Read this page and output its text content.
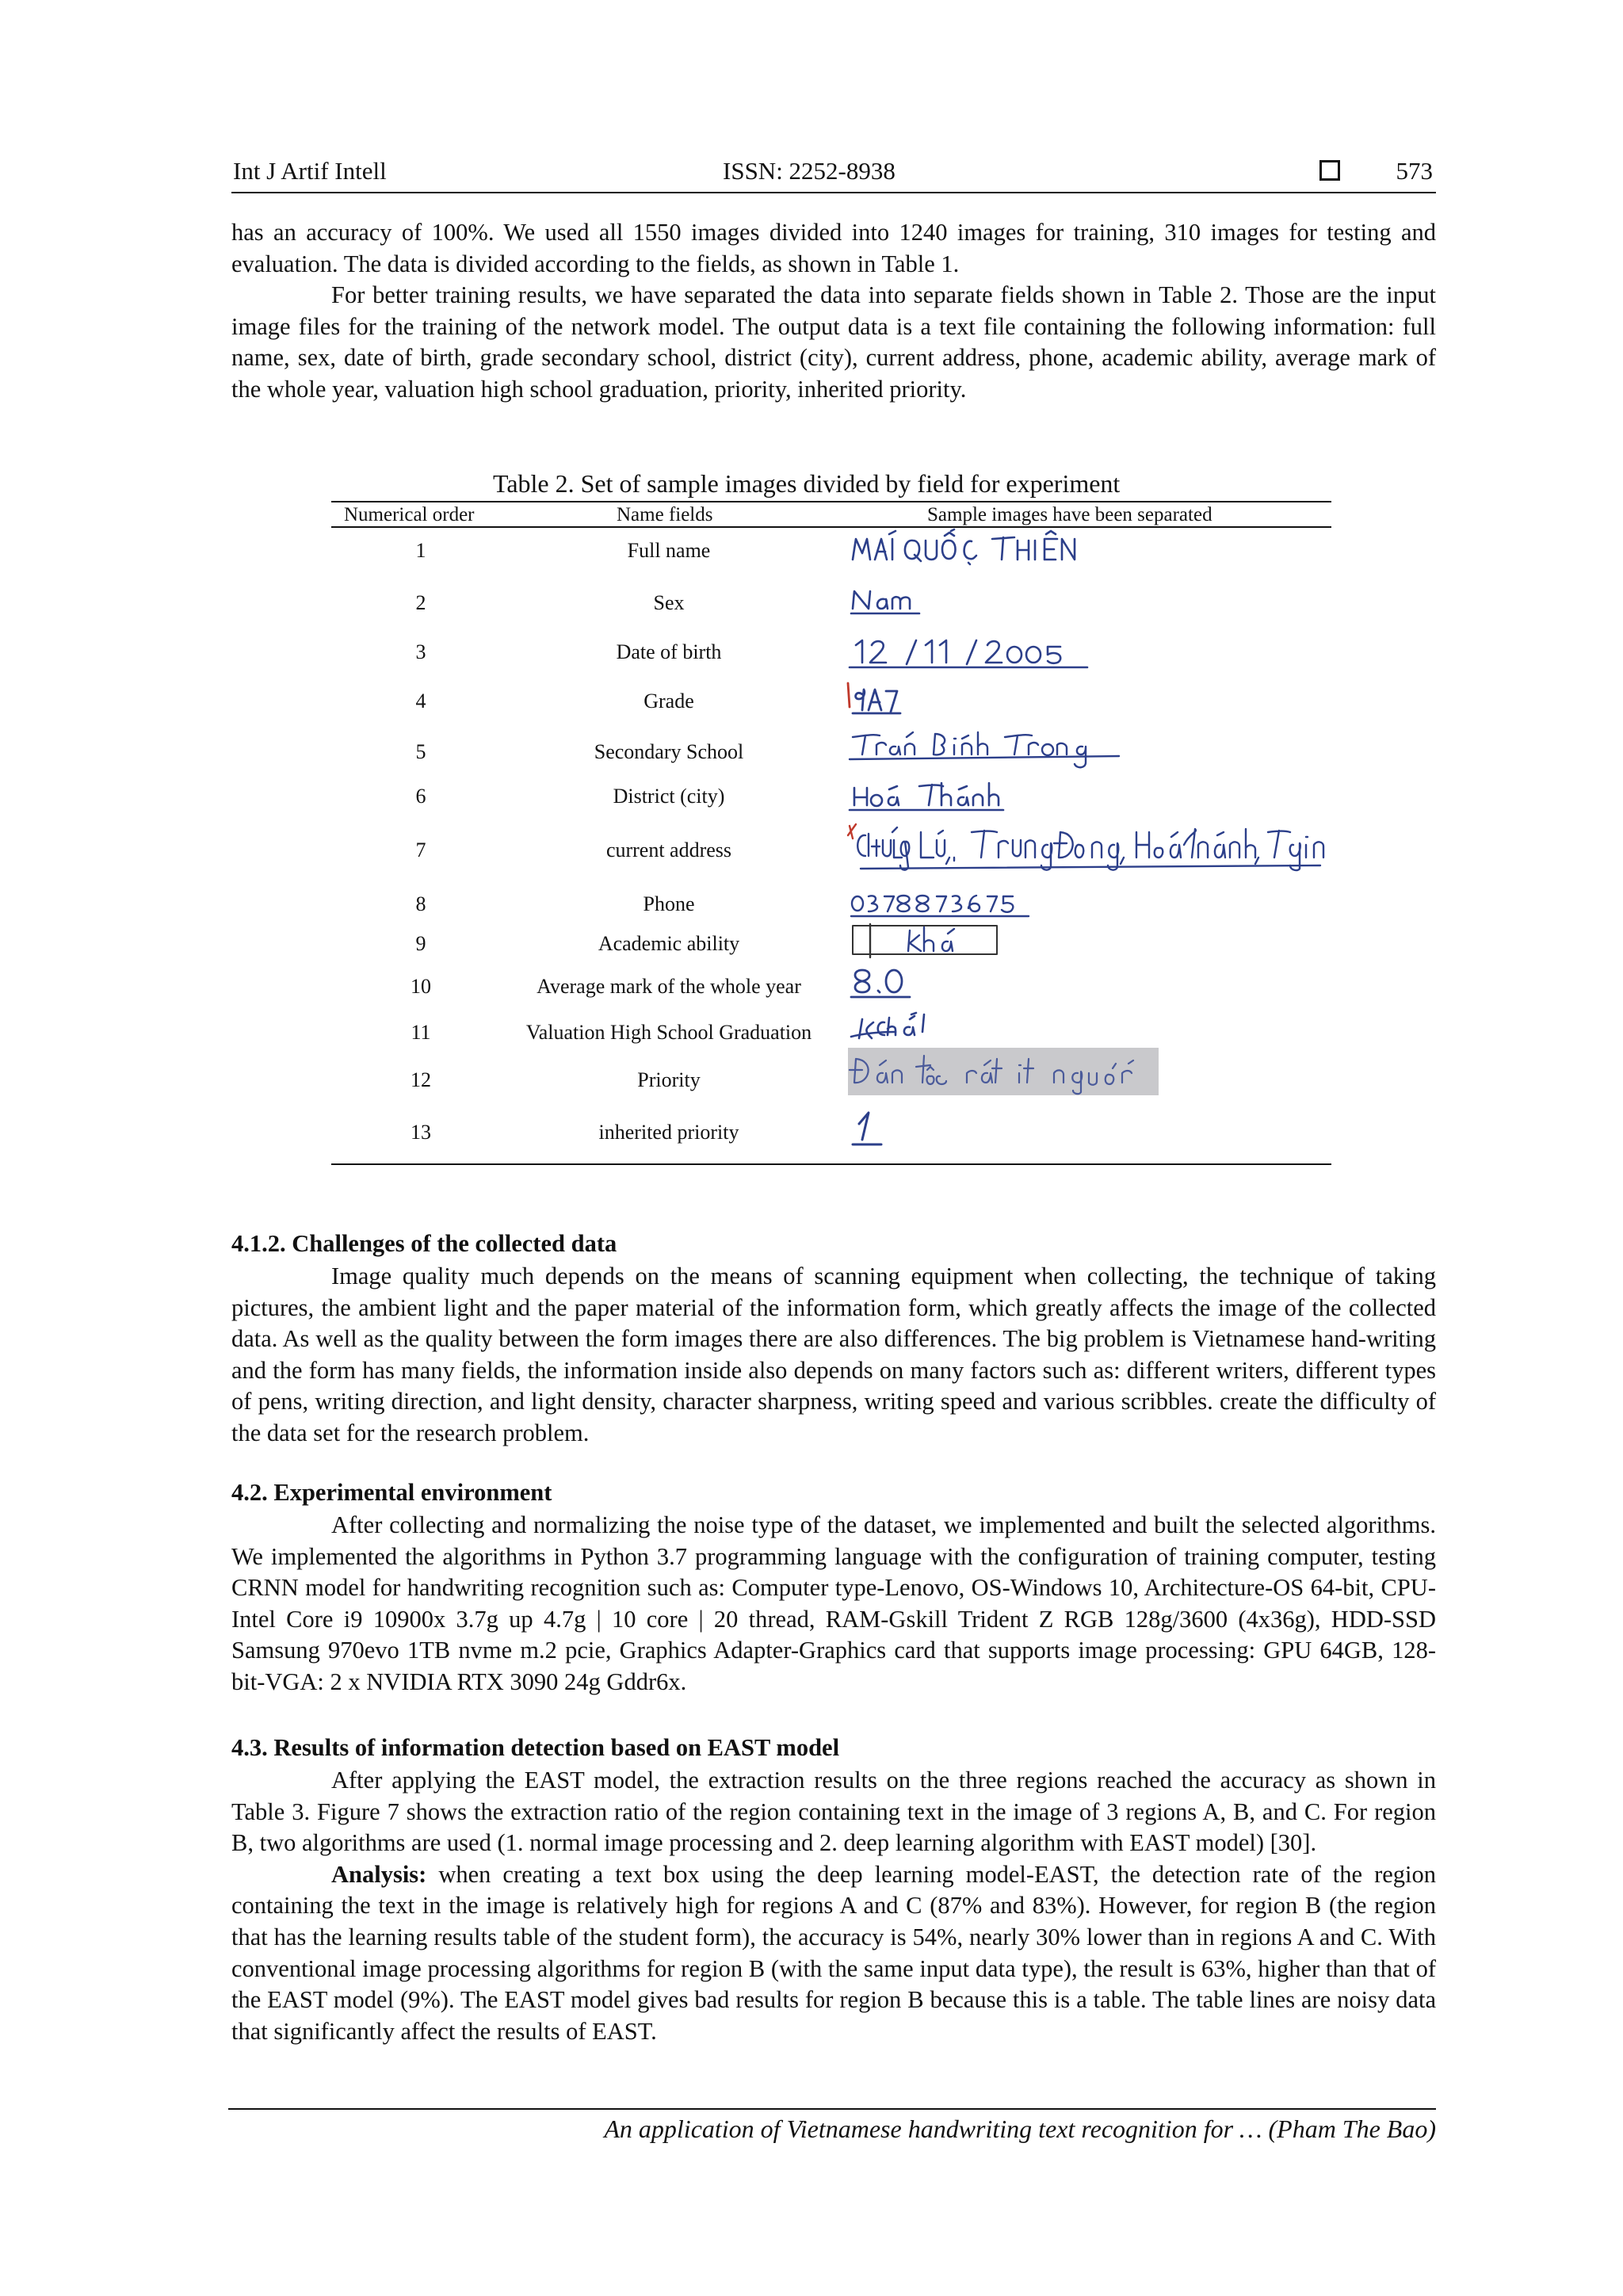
Int J Artif Intell	ISSN: 2252-8938	573

has an accuracy of 100%. We used all 1550 images divided into 1240 images for training, 310 images for testing and evaluation. The data is divided according to the fields, as shown in Table 1.

For better training results, we have separated the data into separate fields shown in Table 2. Those are the input image files for the training of the network model. The output data is a text file containing the following information: full name, sex, date of birth, grade secondary school, district (city), current address, phone, academic ability, average mark of the whole year, valuation high school graduation, priority, inherited priority.

Table 2. Set of sample images divided by field for experiment
Numerical order	Name fields	Sample images have been separated
1	Full name
2	Sex
3	Date of birth
4	Grade
5	Secondary School
6	District (city)
7	current address
8	Phone
9	Academic ability
10	Average mark of the whole year
11	Valuation High School Graduation
12	Priority
13	inherited priority
4.1.2. Challenges of the collected data

Image quality much depends on the means of scanning equipment when collecting, the technique of taking pictures, the ambient light and the paper material of the information form, which greatly affects the image of the collected data. As well as the quality between the form images there are also differences. The big problem is Vietnamese hand-writing and the form has many fields, the information inside also depends on many factors such as: different writers, different types of pens, writing direction, and light density, character sharpness, writing speed and various scribbles. create the difficulty of the data set for the research problem.

4.2. Experimental environment

After collecting and normalizing the noise type of the dataset, we implemented and built the selected algorithms. We implemented the algorithms in Python 3.7 programming language with the configuration of training computer, testing CRNN model for handwriting recognition such as: Computer type-Lenovo, OS-Windows 10, Architecture-OS 64-bit, CPU-Intel Core i9 10900x 3.7g up 4.7g | 10 core | 20 thread, RAM-Gskill Trident Z RGB 128g/3600 (4x36g), HDD-SSD Samsung 970evo 1TB nvme m.2 pcie, Graphics Adapter-Graphics card that supports image processing: GPU 64GB, 128-bit-VGA: 2 x NVIDIA RTX 3090 24g Gddr6x.

4.3. Results of information detection based on EAST model

After applying the EAST model, the extraction results on the three regions reached the accuracy as shown in Table 3. Figure 7 shows the extraction ratio of the region containing text in the image of 3 regions A, B, and C. For region B, two algorithms are used (1. normal image processing and 2. deep learning algorithm with EAST model) [30].

Analysis: when creating a text box using the deep learning model-EAST, the detection rate of the region containing the text in the image is relatively high for regions A and C (87% and 83%). However, for region B (the region that has the learning results table of the student form), the accuracy is 54%, nearly 30% lower than in regions A and C. With conventional image processing algorithms for region B (with the same input data type), the result is 63%, higher than that of the EAST model (9%). The EAST model gives bad results for region B because this is a table. The table lines are noisy data that significantly affect the results of EAST.

An application of Vietnamese handwriting text recognition for … (Pham The Bao)
